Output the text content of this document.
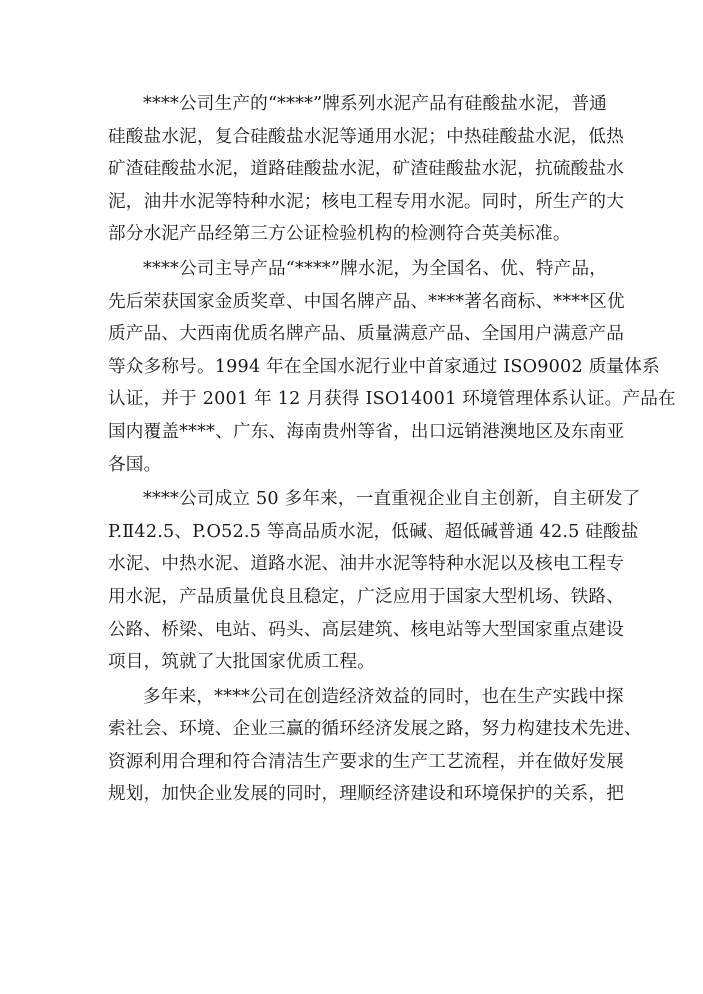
****公司生产的“****”牌系列水泥产品有硅酸盐水泥，普通
硅酸盐水泥，复合硅酸盐水泥等通用水泥；中热硅酸盐水泥，低热
矿渣硅酸盐水泥，道路硅酸盐水泥，矿渣硅酸盐水泥，抗硫酸盐水
泥，油井水泥等特种水泥；核电工程专用水泥。同时，所生产的大
部分水泥产品经第三方公证检验机构的检测符合英美标准。
****公司主导产品“****”牌水泥，为全国名、优、特产品，
先后荣获国家金质奖章、中国名牌产品、****著名商标、****区优
质产品、大西南优质名牌产品、质量满意产品、全国用户满意产品
等众多称号。1994 年在全国水泥行业中首家通过 ISO9002 质量体系
认证，并于 2001 年 12 月获得 ISO14001 环境管理体系认证。产品在
国内覆盖****、广东、海南贵州等省，出口远销港澳地区及东南亚
各国。
****公司成立 50 多年来，一直重视企业自主创新，自主研发了
P.Ⅱ42.5、P.O52.5 等高品质水泥，低碱、超低碱普通 42.5 硅酸盐
水泥、中热水泥、道路水泥、油井水泥等特种水泥以及核电工程专
用水泥，产品质量优良且稳定，广泛应用于国家大型机场、铁路、
公路、桥梁、电站、码头、高层建筑、核电站等大型国家重点建设
项目，筑就了大批国家优质工程。
多年来，****公司在创造经济效益的同时，也在生产实践中探
索社会、环境、企业三赢的循环经济发展之路，努力构建技术先进、
资源利用合理和符合清洁生产要求的生产工艺流程，并在做好发展
规划，加快企业发展的同时，理顺经济建设和环境保护的关系，把
